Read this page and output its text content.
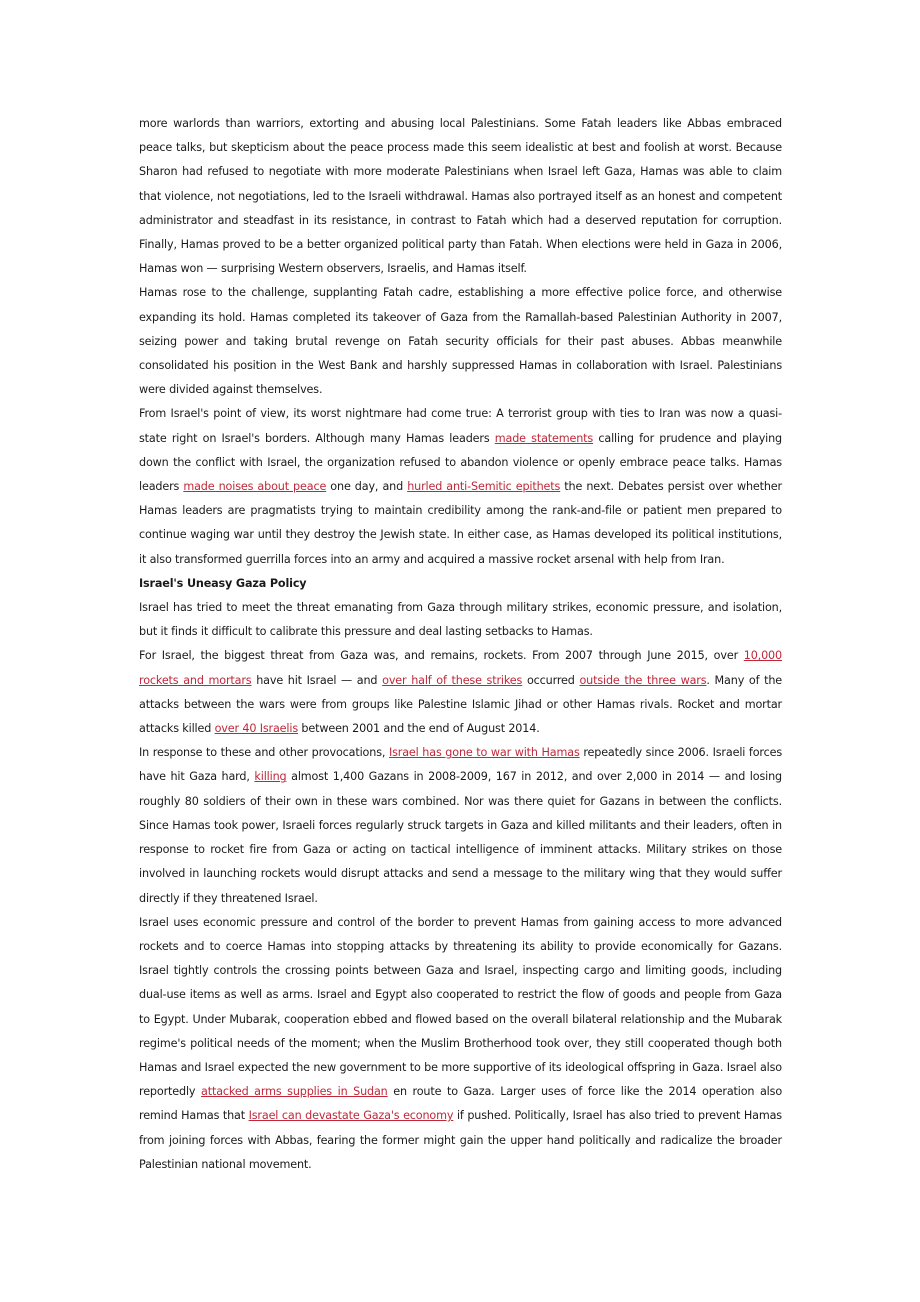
more warlords than warriors, extorting and abusing local Palestinians. Some Fatah leaders like Abbas embraced peace talks, but skepticism about the peace process made this seem idealistic at best and foolish at worst. Because Sharon had refused to negotiate with more moderate Palestinians when Israel left Gaza, Hamas was able to claim that violence, not negotiations, led to the Israeli withdrawal. Hamas also portrayed itself as an honest and competent administrator and steadfast in its resistance, in contrast to Fatah which had a deserved reputation for corruption. Finally, Hamas proved to be a better organized political party than Fatah. When elections were held in Gaza in 2006, Hamas won — surprising Western observers, Israelis, and Hamas itself.

Hamas rose to the challenge, supplanting Fatah cadre, establishing a more effective police force, and otherwise expanding its hold. Hamas completed its takeover of Gaza from the Ramallah-based Palestinian Authority in 2007, seizing power and taking brutal revenge on Fatah security officials for their past abuses. Abbas meanwhile consolidated his position in the West Bank and harshly suppressed Hamas in collaboration with Israel. Palestinians were divided against themselves.

From Israel's point of view, its worst nightmare had come true: A terrorist group with ties to Iran was now a quasi-state right on Israel's borders. Although many Hamas leaders made statements calling for prudence and playing down the conflict with Israel, the organization refused to abandon violence or openly embrace peace talks. Hamas leaders made noises about peace one day, and hurled anti-Semitic epithets the next. Debates persist over whether Hamas leaders are pragmatists trying to maintain credibility among the rank-and-file or patient men prepared to continue waging war until they destroy the Jewish state. In either case, as Hamas developed its political institutions, it also transformed guerrilla forces into an army and acquired a massive rocket arsenal with help from Iran.

Israel's Uneasy Gaza Policy

Israel has tried to meet the threat emanating from Gaza through military strikes, economic pressure, and isolation, but it finds it difficult to calibrate this pressure and deal lasting setbacks to Hamas.

For Israel, the biggest threat from Gaza was, and remains, rockets. From 2007 through June 2015, over 10,000 rockets and mortars have hit Israel — and over half of these strikes occurred outside the three wars. Many of the attacks between the wars were from groups like Palestine Islamic Jihad or other Hamas rivals. Rocket and mortar attacks killed over 40 Israelis between 2001 and the end of August 2014.

In response to these and other provocations, Israel has gone to war with Hamas repeatedly since 2006. Israeli forces have hit Gaza hard, killing almost 1,400 Gazans in 2008-2009, 167 in 2012, and over 2,000 in 2014 — and losing roughly 80 soldiers of their own in these wars combined. Nor was there quiet for Gazans in between the conflicts. Since Hamas took power, Israeli forces regularly struck targets in Gaza and killed militants and their leaders, often in response to rocket fire from Gaza or acting on tactical intelligence of imminent attacks. Military strikes on those involved in launching rockets would disrupt attacks and send a message to the military wing that they would suffer directly if they threatened Israel.

Israel uses economic pressure and control of the border to prevent Hamas from gaining access to more advanced rockets and to coerce Hamas into stopping attacks by threatening its ability to provide economically for Gazans. Israel tightly controls the crossing points between Gaza and Israel, inspecting cargo and limiting goods, including dual-use items as well as arms. Israel and Egypt also cooperated to restrict the flow of goods and people from Gaza to Egypt. Under Mubarak, cooperation ebbed and flowed based on the overall bilateral relationship and the Mubarak regime's political needs of the moment; when the Muslim Brotherhood took over, they still cooperated though both Hamas and Israel expected the new government to be more supportive of its ideological offspring in Gaza. Israel also reportedly attacked arms supplies in Sudan en route to Gaza. Larger uses of force like the 2014 operation also remind Hamas that Israel can devastate Gaza's economy if pushed. Politically, Israel has also tried to prevent Hamas from joining forces with Abbas, fearing the former might gain the upper hand politically and radicalize the broader Palestinian national movement.
